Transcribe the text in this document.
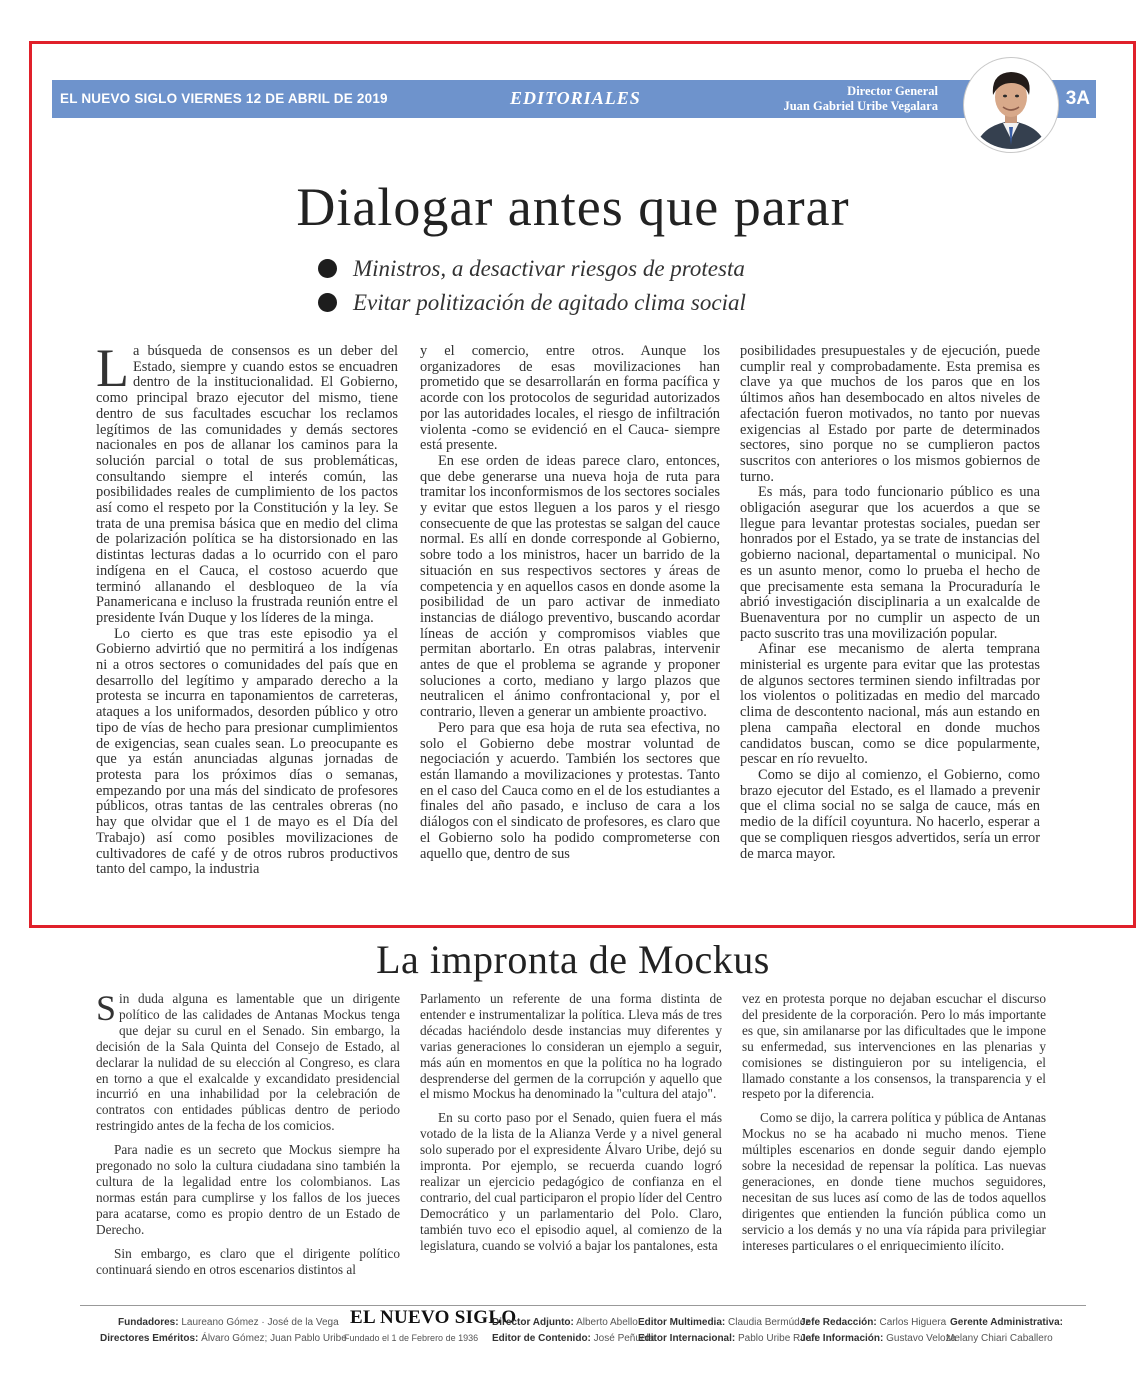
EL NUEVO SIGLO VIERNES 12 DE ABRIL DE 2019	EDITORIALES	Director General
Juan Gabriel Uribe Vegalara	3A
Dialogar antes que parar
Ministros, a desactivar riesgos de protesta
Evitar politización de agitado clima social

La búsqueda de consensos es un deber del Estado, siempre y cuando estos se encuadren dentro de la institucionalidad. El Gobierno, como principal brazo ejecutor del mismo, tiene dentro de sus facultades escuchar los reclamos legítimos de las comunidades y demás sectores nacionales en pos de allanar los caminos para la solución parcial o total de sus problemáticas, consultando siempre el interés común, las posibilidades reales de cumplimiento de los pactos así como el respeto por la Constitución y la ley. Se trata de una premisa básica que en medio del clima de polarización política se ha distorsionado en las distintas lecturas dadas a lo ocurrido con el paro indígena en el Cauca, el costoso acuerdo que terminó allanando el desbloqueo de la vía Panamericana e incluso la frustrada reunión entre el presidente Iván Duque y los líderes de la minga.

Lo cierto es que tras este episodio ya el Gobierno advirtió que no permitirá a los indígenas ni a otros sectores o comunidades del país que en desarrollo del legítimo y amparado derecho a la protesta se incurra en taponamientos de carreteras, ataques a los uniformados, desorden público y otro tipo de vías de hecho para presionar cumplimientos de exigencias, sean cuales sean. Lo preocupante es que ya están anunciadas algunas jornadas de protesta para los próximos días o semanas, empezando por una más del sindicato de profesores públicos, otras tantas de las centrales obreras (no hay que olvidar que el 1 de mayo es el Día del Trabajo) así como posibles movilizaciones de cultivadores de café y de otros rubros productivos tanto del campo, la industria

y el comercio, entre otros. Aunque los organizadores de esas movilizaciones han prometido que se desarrollarán en forma pacífica y acorde con los protocolos de seguridad autorizados por las autoridades locales, el riesgo de infiltración violenta -como se evidenció en el Cauca- siempre está presente.

En ese orden de ideas parece claro, entonces, que debe generarse una nueva hoja de ruta para tramitar los inconformismos de los sectores sociales y evitar que estos lleguen a los paros y el riesgo consecuente de que las protestas se salgan del cauce normal. Es allí en donde corresponde al Gobierno, sobre todo a los ministros, hacer un barrido de la situación en sus respectivos sectores y áreas de competencia y en aquellos casos en donde asome la posibilidad de un paro activar de inmediato instancias de diálogo preventivo, buscando acordar líneas de acción y compromisos viables que permitan abortarlo. En otras palabras, intervenir antes de que el problema se agrande y proponer soluciones a corto, mediano y largo plazos que neutralicen el ánimo confrontacional y, por el contrario, lleven a generar un ambiente proactivo.

Pero para que esa hoja de ruta sea efectiva, no solo el Gobierno debe mostrar voluntad de negociación y acuerdo. También los sectores que están llamando a movilizaciones y protestas. Tanto en el caso del Cauca como en el de los estudiantes a finales del año pasado, e incluso de cara a los diálogos con el sindicato de profesores, es claro que el Gobierno solo ha podido comprometerse con aquello que, dentro de sus

posibilidades presupuestales y de ejecución, puede cumplir real y comprobadamente. Esta premisa es clave ya que muchos de los paros que en los últimos años han desembocado en altos niveles de afectación fueron motivados, no tanto por nuevas exigencias al Estado por parte de determinados sectores, sino porque no se cumplieron pactos suscritos con anteriores o los mismos gobiernos de turno.

Es más, para todo funcionario público es una obligación asegurar que los acuerdos a que se llegue para levantar protestas sociales, puedan ser honrados por el Estado, ya se trate de instancias del gobierno nacional, departamental o municipal. No es un asunto menor, como lo prueba el hecho de que precisamente esta semana la Procuraduría le abrió investigación disciplinaria a un exalcalde de Buenaventura por no cumplir un aspecto de un pacto suscrito tras una movilización popular.

Afinar ese mecanismo de alerta temprana ministerial es urgente para evitar que las protestas de algunos sectores terminen siendo infiltradas por los violentos o politizadas en medio del marcado clima de descontento nacional, más aun estando en plena campaña electoral en donde muchos candidatos buscan, como se dice popularmente, pescar en río revuelto.

Como se dijo al comienzo, el Gobierno, como brazo ejecutor del Estado, es el llamado a prevenir que el clima social no se salga de cauce, más en medio de la difícil coyuntura. No hacerlo, esperar a que se compliquen riesgos advertidos, sería un error de marca mayor.

La impronta de Mockus

Sin duda alguna es lamentable que un dirigente político de las calidades de Antanas Mockus tenga que dejar su curul en el Senado. Sin embargo, la decisión de la Sala Quinta del Consejo de Estado, al declarar la nulidad de su elección al Congreso, es clara en torno a que el exalcalde y excandidato presidencial incurrió en una inhabilidad por la celebración de contratos con entidades públicas dentro de periodo restringido antes de la fecha de los comicios.

Para nadie es un secreto que Mockus siempre ha pregonado no solo la cultura ciudadana sino también la cultura de la legalidad entre los colombianos. Las normas están para cumplirse y los fallos de los jueces para acatarse, como es propio dentro de un Estado de Derecho.

Sin embargo, es claro que el dirigente político continuará siendo en otros escenarios distintos al

Parlamento un referente de una forma distinta de entender e instrumentalizar la política. Lleva más de tres décadas haciéndolo desde instancias muy diferentes y varias generaciones lo consideran un ejemplo a seguir, más aún en momentos en que la política no ha logrado desprenderse del germen de la corrupción y aquello que el mismo Mockus ha denominado la "cultura del atajo".

En su corto paso por el Senado, quien fuera el más votado de la lista de la Alianza Verde y a nivel general solo superado por el expresidente Álvaro Uribe, dejó su impronta. Por ejemplo, se recuerda cuando logró realizar un ejercicio pedagógico de confianza en el contrario, del cual participaron el propio líder del Centro Democrático y un parlamentario del Polo. Claro, también tuvo eco el episodio aquel, al comienzo de la legislatura, cuando se volvió a bajar los pantalones, esta

vez en protesta porque no dejaban escuchar el discurso del presidente de la corporación. Pero lo más importante es que, sin amilanarse por las dificultades que le impone su enfermedad, sus intervenciones en las plenarias y comisiones se distinguieron por su inteligencia, el llamado constante a los consensos, la transparencia y el respeto por la diferencia.

Como se dijo, la carrera política y pública de Antanas Mockus no se ha acabado ni mucho menos. Tiene múltiples escenarios en donde seguir dando ejemplo sobre la necesidad de repensar la política. Las nuevas generaciones, en donde tiene muchos seguidores, necesitan de sus luces así como de las de todos aquellos dirigentes que entienden la función pública como un servicio a los demás y no una vía rápida para privilegiar intereses particulares o el enriquecimiento ilícito.

Fundadores: Laureano Gómez · José de la Vega
Directores Eméritos: Álvaro Gómez; Juan Pablo Uribe
EL NUEVO SIGLO
Fundado el 1 de Febrero de 1936
Director Adjunto: Alberto Abello
Editor de Contenido: José Peñuela
Editor Multimedia: Claudia Bermúdez
Editor Internacional: Pablo Uribe Ruan
Jefe Redacción: Carlos Higuera
Jefe Información: Gustavo Veloza
Gerente Administrativa:
Melany Chiari Caballero
